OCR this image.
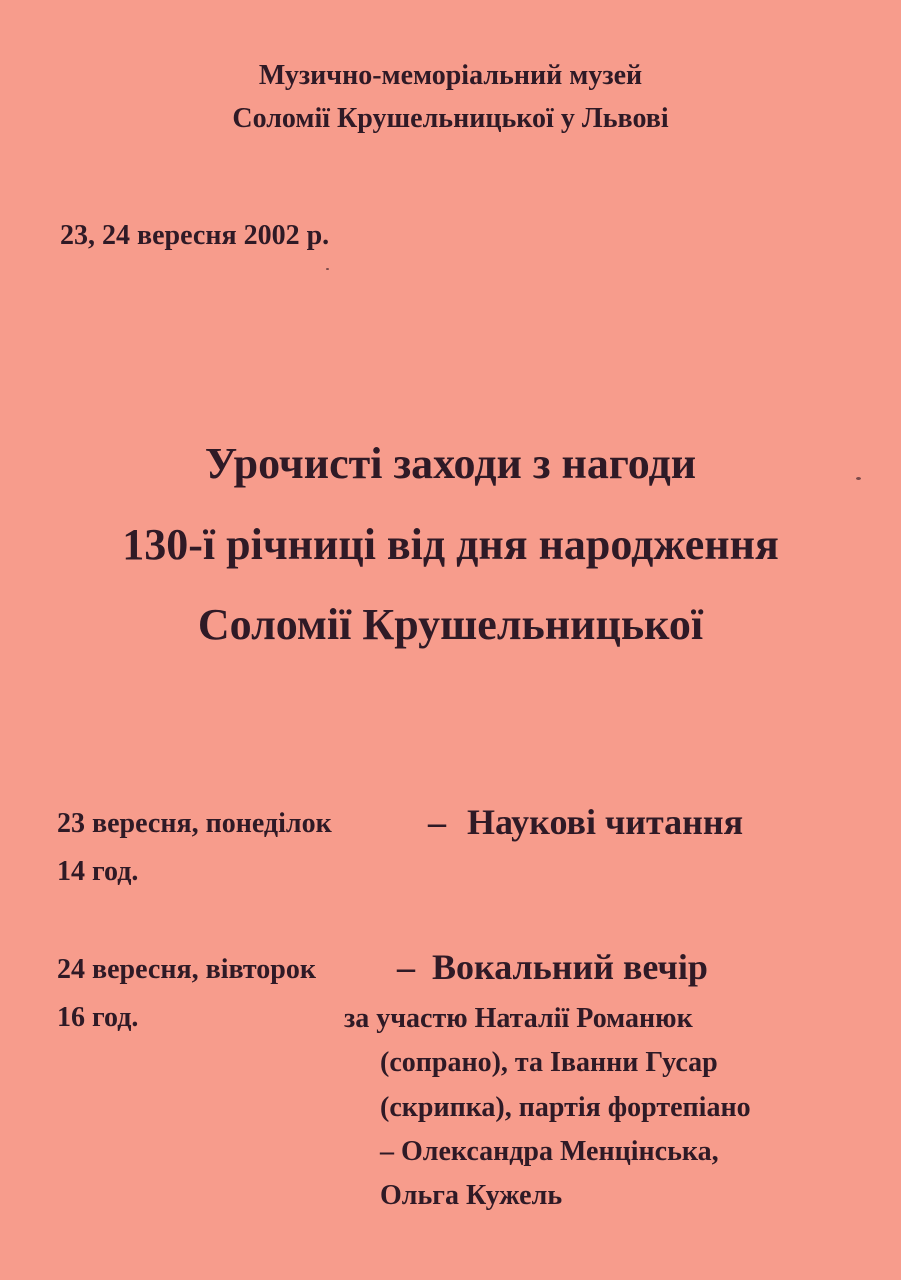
Музично-меморіальний музей
Соломії Крушельницької у Львові
23, 24 вересня 2002 р.
Урочисті заходи з нагоди
130-ї річниці від дня народження
Соломії Крушельницької
23 вересня, понеділок	– Наукові читання
14 год.
24 вересня, вівторок – Вокальний вечір
16 год.	за участю Наталії Романюк
(сопрано), та Іванни Гусар
(скрипка), партія фортепіано
– Олександра Менцінська,
Ольга Кужель
